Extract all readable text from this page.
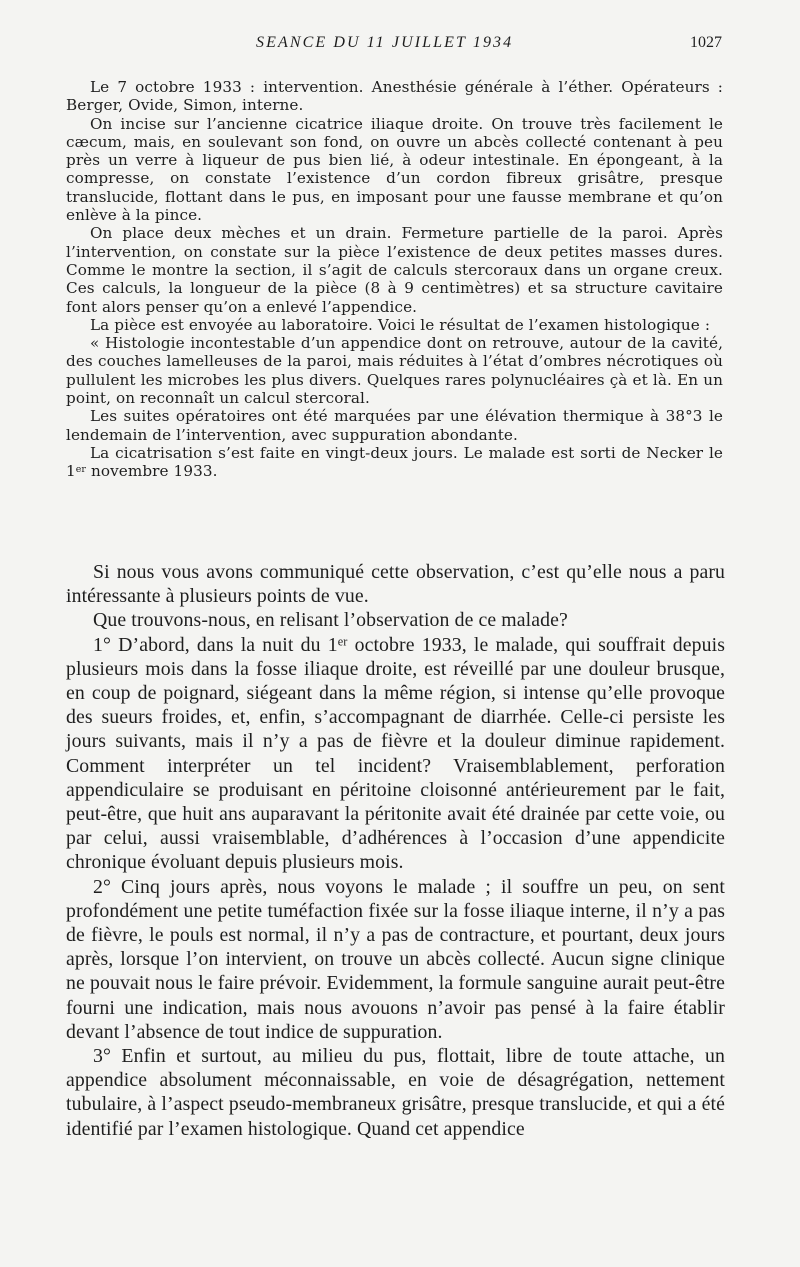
SEANCE DU 11 JUILLET 1934	1027

Le 7 octobre 1933 : intervention. Anesthésie générale à l’éther. Opérateurs : Berger, Ovide, Simon, interne.

On incise sur l’ancienne cicatrice iliaque droite. On trouve très facilement le cæcum, mais, en soulevant son fond, on ouvre un abcès collecté contenant à peu près un verre à liqueur de pus bien lié, à odeur intestinale. En épongeant, à la compresse, on constate l’existence d’un cordon fibreux grisâtre, presque translucide, flottant dans le pus, en imposant pour une fausse membrane et qu’on enlève à la pince.

On place deux mèches et un drain. Fermeture partielle de la paroi. Après l’intervention, on constate sur la pièce l’existence de deux petites masses dures. Comme le montre la section, il s’agit de calculs stercoraux dans un organe creux. Ces calculs, la longueur de la pièce (8 à 9 centimètres) et sa structure cavitaire font alors penser qu’on a enlevé l’appendice.

La pièce est envoyée au laboratoire. Voici le résultat de l’examen histologique :

« Histologie incontestable d’un appendice dont on retrouve, autour de la cavité, des couches lamelleuses de la paroi, mais réduites à l’état d’ombres nécrotiques où pullulent les microbes les plus divers. Quelques rares polynucléaires çà et là. En un point, on reconnaît un calcul stercoral.

Les suites opératoires ont été marquées par une élévation thermique à 38°3 le lendemain de l’intervention, avec suppuration abondante.

La cicatrisation s’est faite en vingt-deux jours. Le malade est sorti de Necker le 1er novembre 1933.

Si nous vous avons communiqué cette observation, c’est qu’elle nous a paru intéressante à plusieurs points de vue.

Que trouvons-nous, en relisant l’observation de ce malade?

1° D’abord, dans la nuit du 1er octobre 1933, le malade, qui souffrait depuis plusieurs mois dans la fosse iliaque droite, est réveillé par une douleur brusque, en coup de poignard, siégeant dans la même région, si intense qu’elle provoque des sueurs froides, et, enfin, s’accompagnant de diarrhée. Celle-ci persiste les jours suivants, mais il n’y a pas de fièvre et la douleur diminue rapidement. Comment interpréter un tel incident? Vraisemblablement, perforation appendiculaire se produisant en péritoine cloisonné antérieurement par le fait, peut-être, que huit ans auparavant la péritonite avait été drainée par cette voie, ou par celui, aussi vraisemblable, d’adhérences à l’occasion d’une appendicite chronique évoluant depuis plusieurs mois.

2° Cinq jours après, nous voyons le malade ; il souffre un peu, on sent profondément une petite tuméfaction fixée sur la fosse iliaque interne, il n’y a pas de fièvre, le pouls est normal, il n’y a pas de contracture, et pourtant, deux jours après, lorsque l’on intervient, on trouve un abcès collecté. Aucun signe clinique ne pouvait nous le faire prévoir. Evidemment, la formule sanguine aurait peut-être fourni une indication, mais nous avouons n’avoir pas pensé à la faire établir devant l’absence de tout indice de suppuration.

3° Enfin et surtout, au milieu du pus, flottait, libre de toute attache, un appendice absolument méconnaissable, en voie de désagrégation, nettement tubulaire, à l’aspect pseudo-membraneux grisâtre, presque translucide, et qui a été identifié par l’examen histologique. Quand cet appendice
